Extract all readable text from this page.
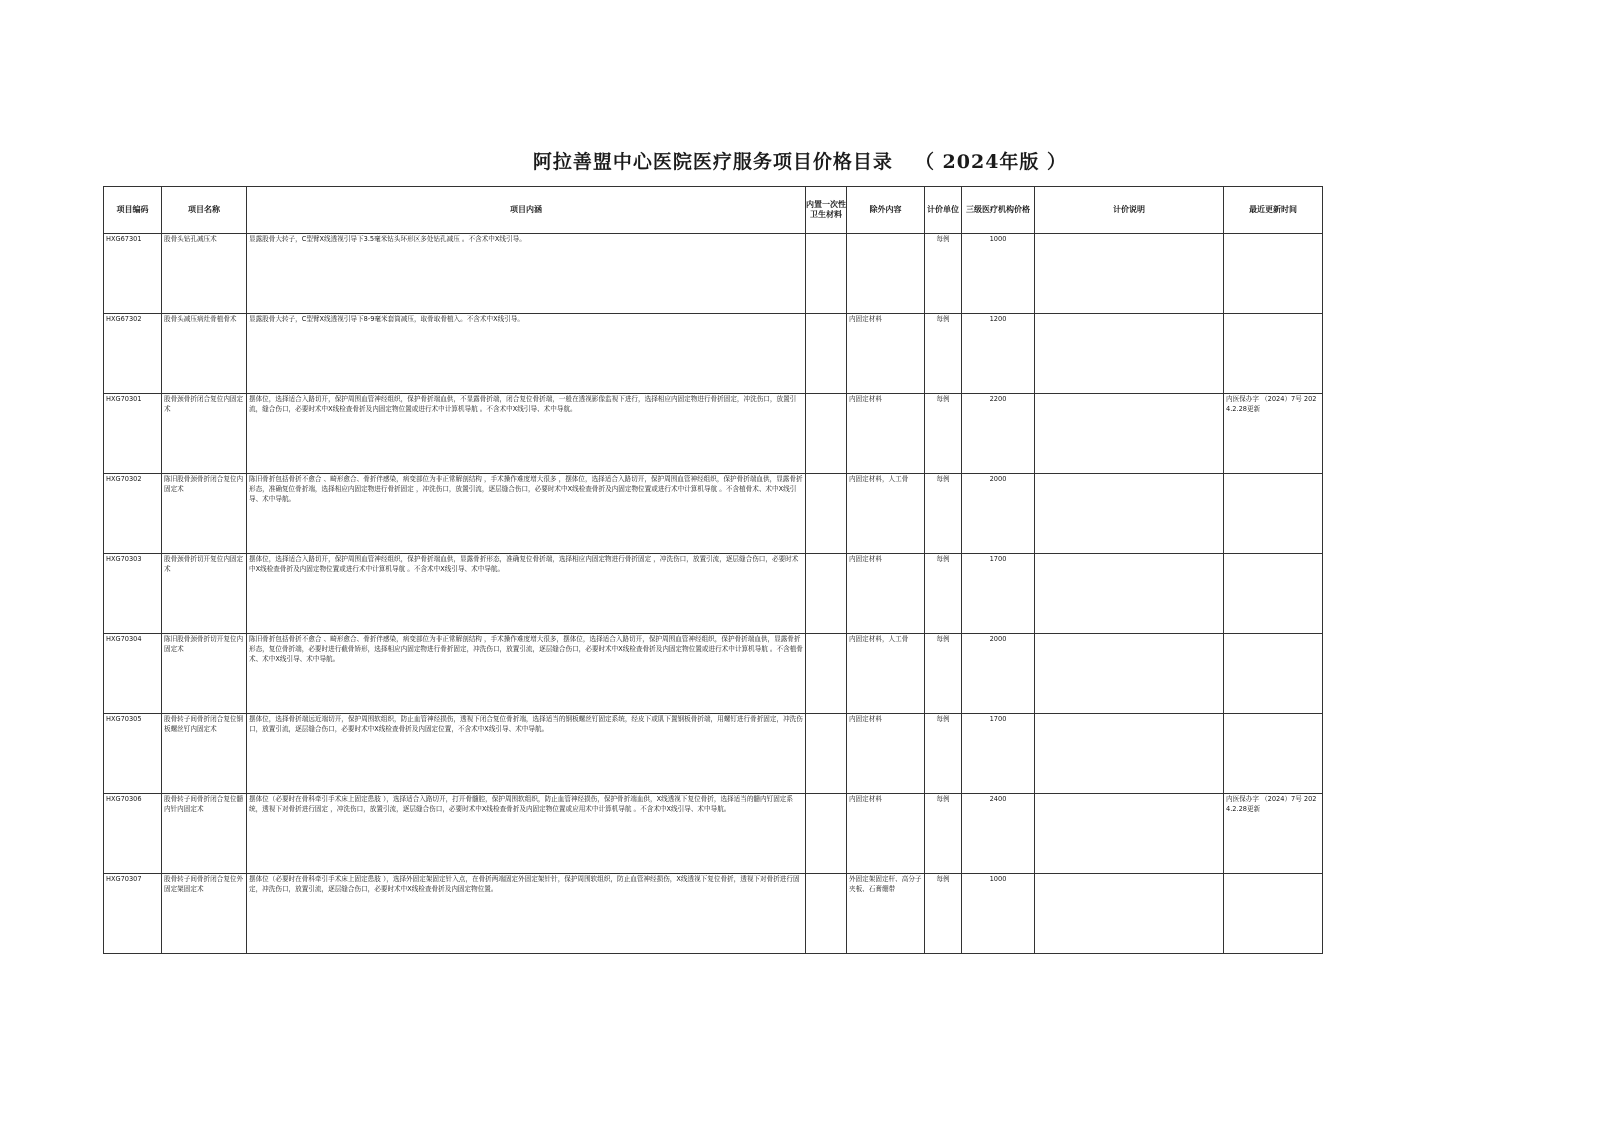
阿拉善盟中心医院医疗服务项目价格目录 （ 2024年版 ）
项目编码	项目名称	项目内涵	内置一次性卫生材料	除外内容	计价单位	三级医疗机构价格	计价说明	最近更新时间
HXG67301	股骨头钻孔减压术	显露股骨大转子，C型臂X线透视引导下3.5毫米钻头环形区多处钻孔减压 。不含术中X线引导。			每例	1000		
HXG67302	股骨头减压病灶骨植骨术	显露股骨大转子，C型臂X线透视引导下8-9毫米套筒减压，取骨取骨植入。不含术中X线引导。		内固定材料	每例	1200		
HXG70301	股骨颈骨折闭合复位内固定术	摆体位，选择适合入路切开，保护周围血管神经组织，保护骨折端血供，不显露骨折端，闭合复位骨折端，一般在透视影像监视下进行，选择相应内固定物进行骨折固定，冲洗伤口，放置引流，缝合伤口，必要时术中X线检查骨折及内固定物位置或进行术中计算机导航 。不含术中X线引导、术中导航。		内固定材料	每例	2200		内医保办字 （2024）7号 2024.2.28更新
HXG70302	陈旧股骨颈骨折闭合复位内固定术	陈旧骨折包括骨折不愈合 、畸形愈合、骨折伴感染，病变部位为非正常解剖结构 ，手术操作难度增大很多 ，摆体位，选择适合入路切开，保护周围血管神经组织，保护骨折端血供，显露骨折形态，准确复位骨折端，选择相应内固定物进行骨折固定 ，冲洗伤口，放置引流，逐层缝合伤口，必要时术中X线检查骨折及内固定物位置或进行术中计算机导航 。不含植骨术、术中X线引导、术中导航。		内固定材料，人工骨	每例	2000		
HXG70303	股骨颈骨折切开复位内固定术	摆体位，选择适合入路切开，保护周围血管神经组织，保护骨折端血供，显露骨折形态，准确复位骨折端，选择相应内固定物进行骨折固定 ，冲洗伤口，放置引流，逐层缝合伤口，必要时术中X线检查骨折及内固定物位置或进行术中计算机导航 。不含术中X线引导、术中导航。		内固定材料	每例	1700		
HXG70304	陈旧股骨颈骨折切开复位内固定术	陈旧骨折包括骨折不愈合 、畸形愈合、骨折伴感染，病变部位为非正常解剖结构 ，手术操作难度增大很多，摆体位，选择适合入路切开，保护周围血管神经组织，保护骨折端血供，显露骨折形态，复位骨折端，必要时进行截骨矫形，选择相应内固定物进行骨折固定，冲洗伤口，放置引流，逐层缝合伤口，必要时术中X线检查骨折及内固定物位置或进行术中计算机导航 。不含植骨术、术中X线引导、术中导航。		内固定材料，人工骨	每例	2000		
HXG70305	股骨转子间骨折闭合复位钢板螺丝钉内固定术	摆体位，选择骨折端远近端切开，保护周围软组织，防止血管神经损伤，透视下闭合复位骨折端，选择适当的钢板螺丝钉固定系统，经皮下或肌下置钢板骨折端，用螺钉进行骨折固定，冲洗伤口，放置引流，逐层缝合伤口，必要时术中X线检查骨折及内固定位置，不含术中X线引导、术中导航。		内固定材料	每例	1700		
HXG70306	股骨转子间骨折闭合复位髓内针内固定术	摆体位（必要时在骨科牵引手术床上固定患肢 ），选择适合入路切开，打开骨髓腔，保护周围软组织，防止血管神经损伤，保护骨折端血供，X线透视下复位骨折，选择适当的髓内钉固定系统，透视下对骨折进行固定 ，冲洗伤口，放置引流，逐层缝合伤口，必要时术中X线检查骨折及内固定物位置或应用术中计算机导航 。不含术中X线引导、术中导航。		内固定材料	每例	2400		内医保办字 （2024）7号 2024.2.28更新
HXG70307	股骨转子间骨折闭合复位外固定架固定术	摆体位（必要时在骨科牵引手术床上固定患肢 ），选择外固定架固定针入点，在骨折两端固定外固定架针针，保护周围软组织，防止血管神经损伤，X线透视下复位骨折，透视下对骨折进行固定，冲洗伤口，放置引流，逐层缝合伤口，必要时术中X线检查骨折及内固定物位置。		外固定架固定杆、高分子夹板、石膏绷带	每例	1000		
